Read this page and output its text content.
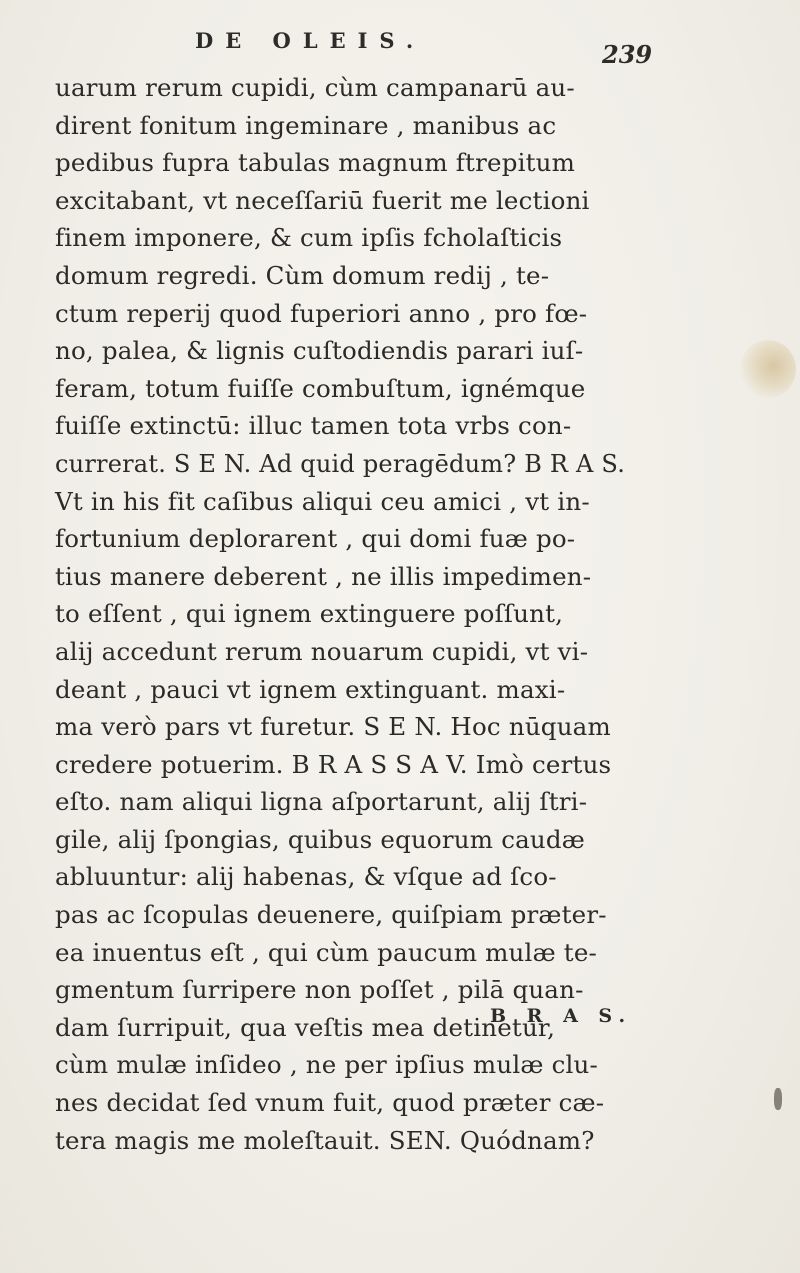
DE OLEIS.	239
uarum rerum cupidi, cùm campanarū au-
dirent fonitum ingeminare , manibus ac
pedibus fupra tabulas magnum ftrepitum
excitabant, vt neceſſariū fuerit me lectioni
finem imponere, & cum ipſis fcholaſticis
domum regredi. Cùm domum redij , te-
ctum reperij quod fuperiori anno , pro fœ-
no, palea, & lignis cuſtodiendis parari iuſ-
feram, totum fuiſſe combuſtum, ignémque
fuiſſe extinctū: illuc tamen tota vrbs con-
currerat. S E N. Ad quid peragēdum? B R A S.
Vt in his fit caſibus aliqui ceu amici , vt in-
fortunium deplorarent , qui domi fuæ po-
tius manere deberent , ne illis impedimen-
to eſſent , qui ignem extinguere poſſunt,
alij accedunt rerum nouarum cupidi, vt vi-
deant , pauci vt ignem extinguant. maxi-
ma verò pars vt furetur. S E N. Hoc nūquam
credere potuerim. B R A S S A V. Imò certus
eſto. nam aliqui ligna aſportarunt, alij ſtri-
gile, alij ſpongias, quibus equorum caudæ
abluuntur: alij habenas, & vſque ad ſco-
pas ac ſcopulas deuenere, quiſpiam præter-
ea inuentus eſt , qui cùm paucum mulæ te-
gmentum ſurripere non poſſet , pilā quan-
dam ſurripuit, qua veſtis mea detinetur,
cùm mulæ inſideo , ne per ipſius mulæ clu-
nes decidat ſed vnum fuit, quod præter cæ-
tera magis me moleſtauit. SEN. Quódnam?
B R A S.
